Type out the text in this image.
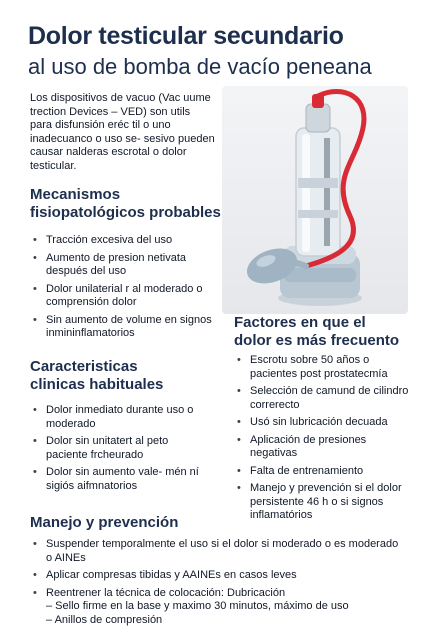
Dolor testicular secundario
al uso de bomba de vacío peneana
Los dispositivos de vacuo (Vac uume trection Devices – VED) son utils para disfunsión eréc til o uno inadecuanco o uso se- sesivo pueden causar nalderas escrotal o dolor testicular.
Mecanismos
fisiopatológicos probables
• Tracción excesiva del uso
• Aumento de presion netivata después del uso
• Dolor unilaterial r al moderado o comprensión dolor
• Sin aumento de volume en signos inmininflamatorios
Factores en que el
dolor es más frecuento
• Escrotu sobre 50 años o pacientes post prostatecmía
• Selección de camund de cilindro correrecto
• Usó sin lubricación decuada
• Aplicación de presiones negativas
• Falta de entrenamiento
• Manejo y prevención si el dolor persistente 46 h o si signos inflamatórios
Caracteristicas
clinicas habituales
• Dolor inmediato durante uso o moderado
• Dolor sin unitatert al peto paciente frcheurado
• Dolor sin aumento vale- mén ní sigiós aifmnatorios
Manejo y prevención
• Suspender temporalmente el uso si el dolor si moderado o es moderado o AINEs
• Aplicar compresas tibidas y AAINEs en casos leves
• Reentrener la técnica de colocación: Dubricación
– Sello firme en la base y maximo 30 minutos, máximo de uso
– Anillos de compresión
